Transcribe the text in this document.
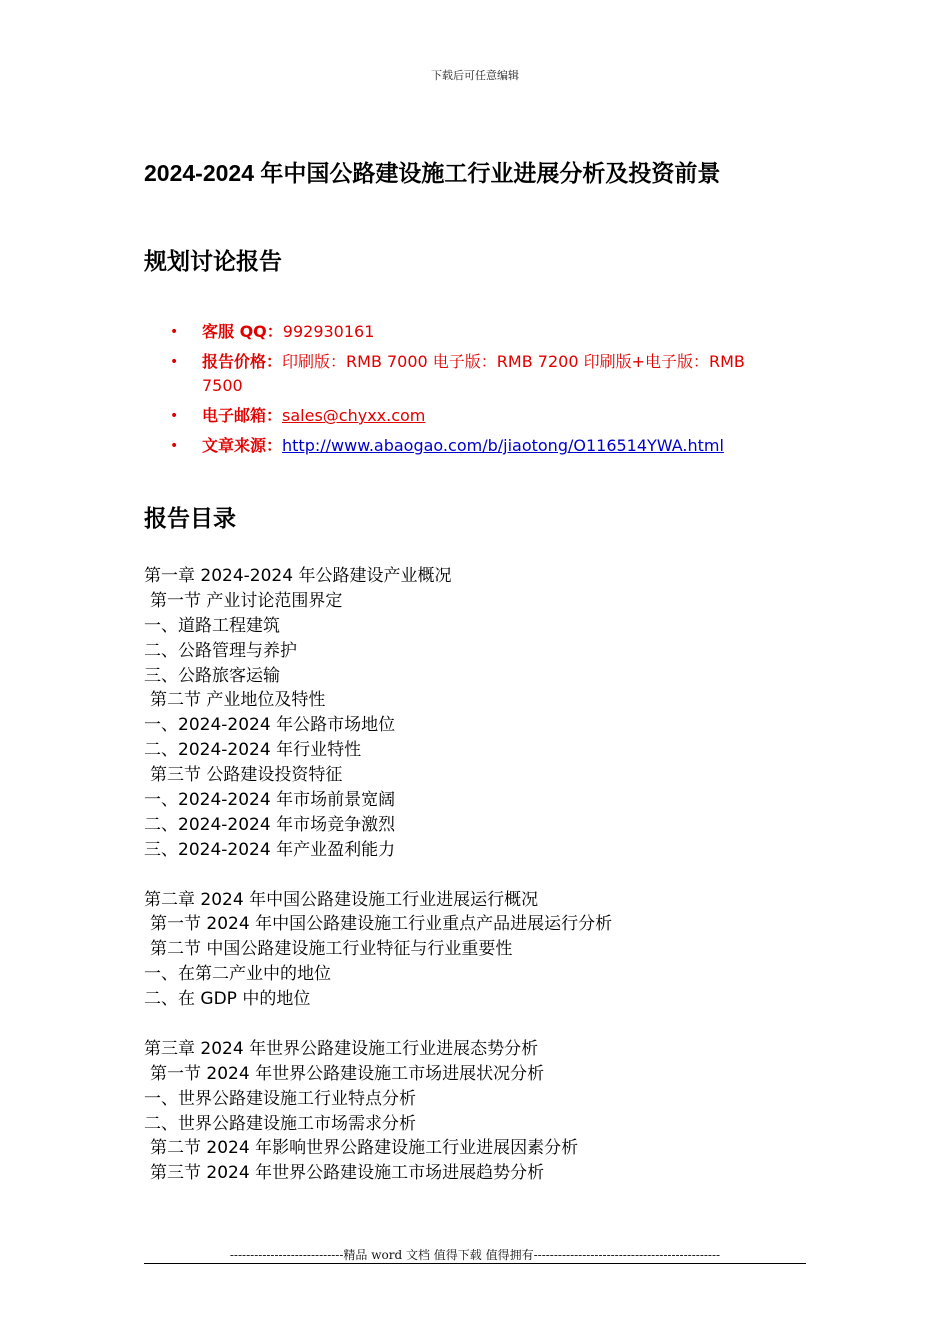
下载后可任意编辑
2024-2024 年中国公路建设施工行业进展分析及投资前景
规划讨论报告
• 客服 QQ：992930161
• 报告价格：印刷版：RMB 7000 电子版：RMB 7200 印刷版+电子版：RMB 7500
• 电子邮箱：sales@chyxx.com
• 文章来源：http://www.abaogao.com/b/jiaotong/O116514YWA.html
报告目录
第一章 2024-2024 年公路建设产业概况
第一节 产业讨论范围界定
一、道路工程建筑
二、公路管理与养护
三、公路旅客运输
第二节 产业地位及特性
一、2024-2024 年公路市场地位
二、2024-2024 年行业特性
第三节 公路建设投资特征
一、2024-2024 年市场前景宽阔
二、2024-2024 年市场竞争激烈
三、2024-2024 年产业盈利能力
第二章 2024 年中国公路建设施工行业进展运行概况
第一节 2024 年中国公路建设施工行业重点产品进展运行分析
第二节 中国公路建设施工行业特征与行业重要性
一、在第二产业中的地位
二、在 GDP 中的地位
第三章 2024 年世界公路建设施工行业进展态势分析
第一节 2024 年世界公路建设施工市场进展状况分析
一、世界公路建设施工行业特点分析
二、世界公路建设施工市场需求分析
第二节 2024 年影响世界公路建设施工行业进展因素分析
第三节 2024 年世界公路建设施工市场进展趋势分析
----------------------------精品 word 文档 值得下载 值得拥有----------------------------------------------
